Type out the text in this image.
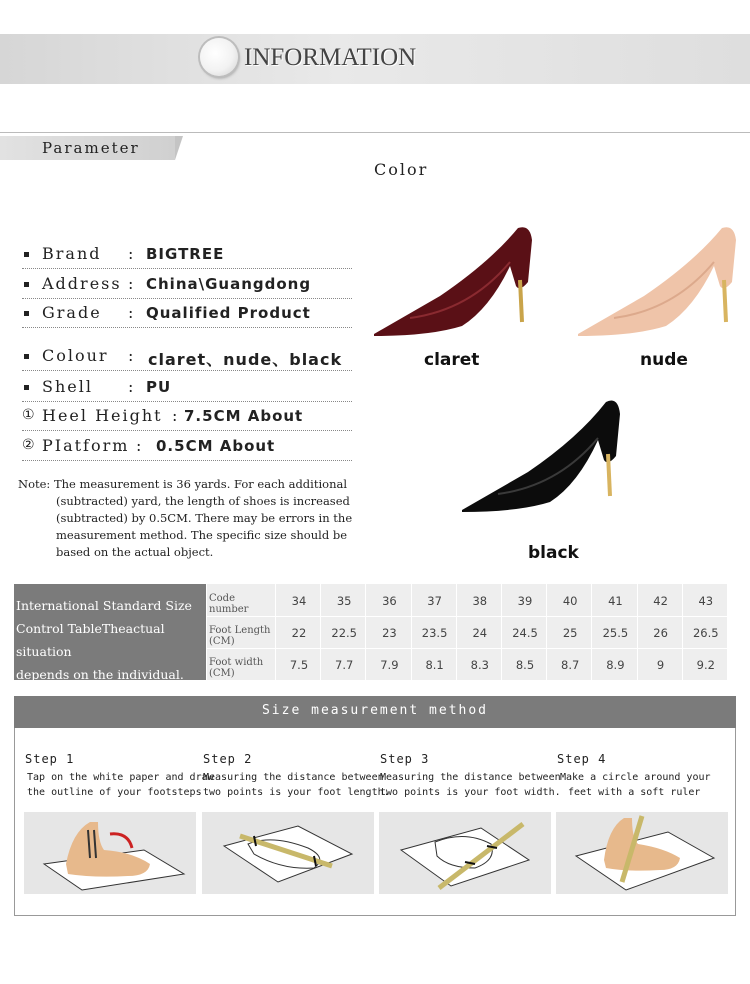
INFORMATION
Parameter
Color
Brand : BIGTREE
Address : China\Guangdong
Grade : Qualified Product
Colour : claret、nude、black
Shell : PU
① Heel Height : 7.5CM About
② PIatform : 0.5CM About
Note: The measurement is 36 yards. For each additional
(subtracted) yard, the length of shoes is increased
(subtracted) by 0.5CM. There may be errors in the
measurement method. The specific size should be
based on the actual object.
claret	nude
black
International Standard Size
Control TableTheactual situation
depends on the individual.
Code number
34	35	36	37	38	39	40	41	42	43
Foot Length (CM)
22	22.5	23	23.5	24	24.5	25	25.5	26	26.5
Foot width (CM)
7.5	7.7	7.9	8.1	8.3	8.5	8.7	8.9	9	9.2
Size measurement method
Step 1
Tap on the white paper and draw
the outline of your footsteps
Step 2
Measuring the distance between
two points is your foot length.
Step 3
Measuring the distance between
two points is your foot width.
Step 4
Make a circle around your
feet with a soft ruler
